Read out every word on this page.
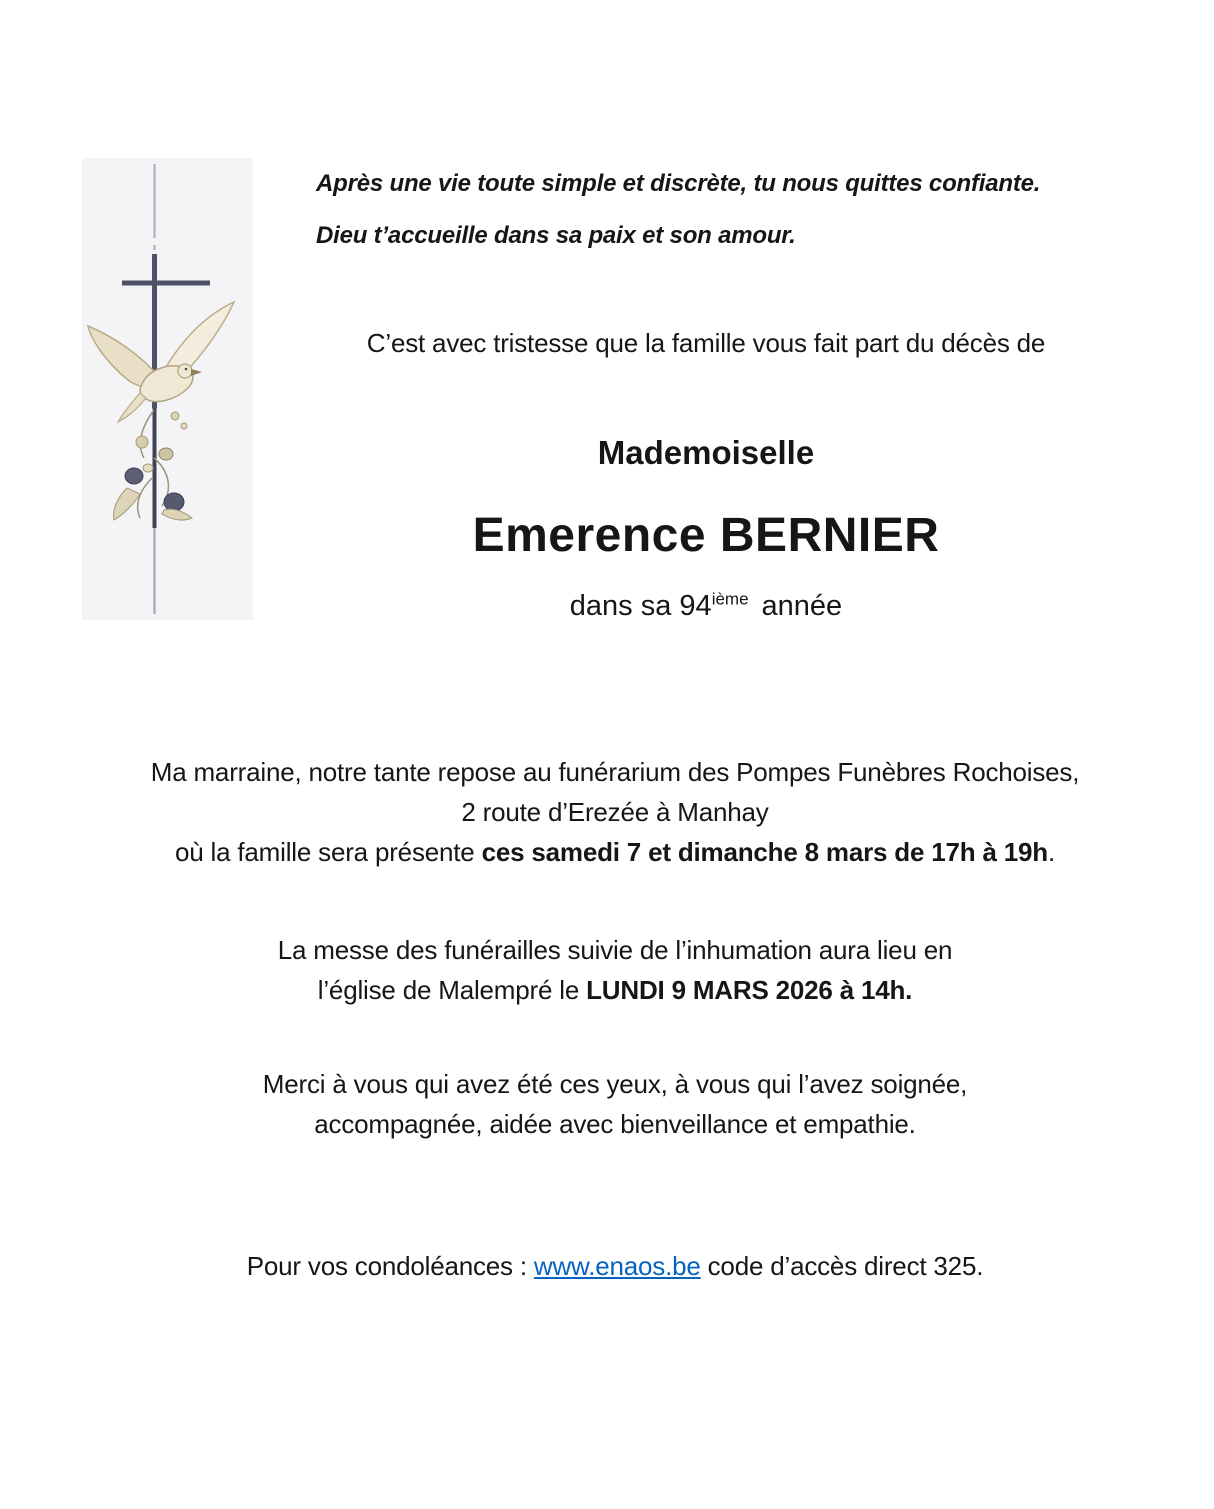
Après une vie toute simple et discrète, tu nous quittes confiante.
Dieu t’accueille dans sa paix et son amour.
C’est avec tristesse que la famille vous fait part du décès de
Mademoiselle
Emerence BERNIER
dans sa 94ième année
Ma marraine, notre tante repose au funérarium des Pompes Funèbres Rochoises,
2 route d’Erezée à Manhay
où la famille sera présente ces samedi 7 et dimanche 8 mars de 17h à 19h.
La messe des funérailles suivie de l’inhumation aura lieu en
l’église de Malempré le LUNDI 9 MARS 2026 à 14h.
Merci à vous qui avez été ces yeux, à vous qui l’avez soignée,
accompagnée, aidée avec bienveillance et empathie.
Pour vos condoléances : www.enaos.be code d’accès direct 325.
